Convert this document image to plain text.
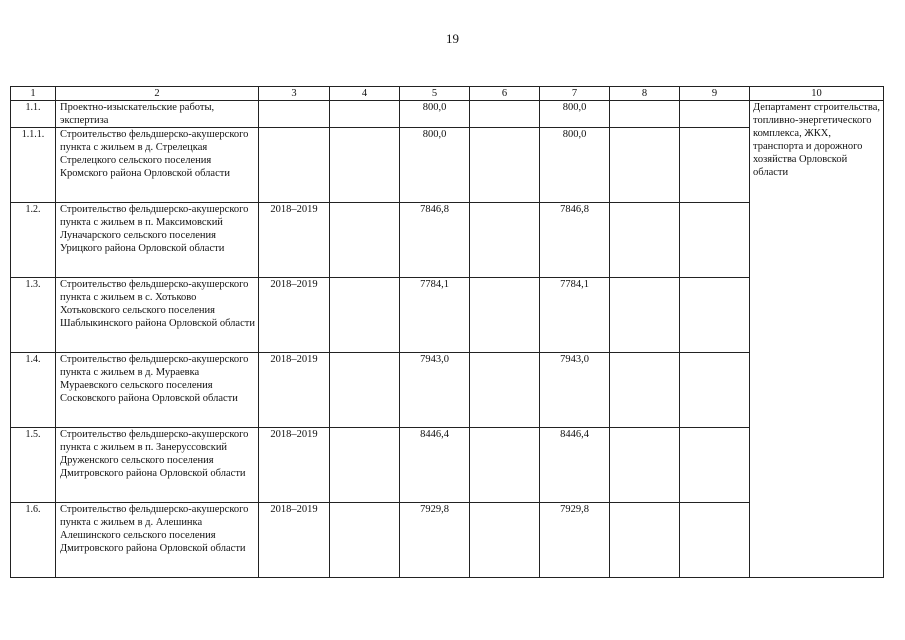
19
1	2	3	4	5	6	7	8	9	10
1.1.	Проектно-изыскательские работы, экспертиза			800,0		800,0			Департамент строительства, топливно-энергетического комплекса, ЖКХ, транспорта и дорожного хозяйства Орловской области
1.1.1.	Строительство фельдшерско-акушерского пункта с жильем в д. Стрелецкая Стрелецкого сельского поселения Кромского района Орловской области			800,0		800,0			
1.2.	Строительство фельдшерско-акушерского пункта с жильем в п. Максимовский Луначарского сельского поселения Урицкого района Орловской области	2018–2019		7846,8		7846,8			
1.3.	Строительство фельдшерско-акушерского пункта с жильем в с. Хотьково Хотьковского сельского поселения Шаблыкинского района Орловской области	2018–2019		7784,1		7784,1			
1.4.	Строительство фельдшерско-акушерского пункта с жильем в д. Мураевка Мураевского сельского поселения Сосковского района Орловской области	2018–2019		7943,0		7943,0			
1.5.	Строительство фельдшерско-акушерского пункта с жильем в п. Занерусcовский Друженского сельского поселения Дмитровского района Орловской области	2018–2019		8446,4		8446,4			
1.6.	Строительство фельдшерско-акушерского пункта с жильем в д. Алешинка Алешинского сельского поселения Дмитровского района Орловской области	2018–2019		7929,8		7929,8			
